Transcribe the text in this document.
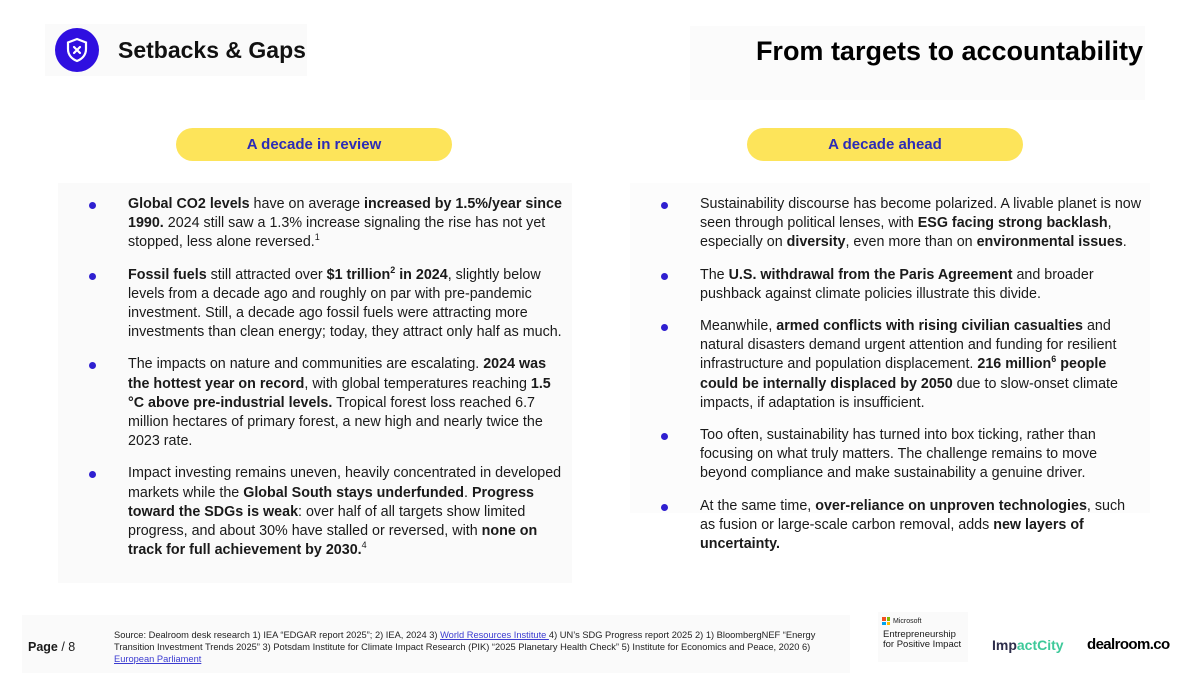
Setbacks & Gaps	From targets to accountability
A decade in review	A decade ahead
Global CO2 levels have on average increased by 1.5%/year since 1990. 2024 still saw a 1.3% increase signaling the rise has not yet stopped, less alone reversed.$^1$
Fossil fuels still attracted over $1 trillion$^2$ in 2024, slightly below levels from a decade ago and roughly on par with pre-pandemic investment. Still, a decade ago fossil fuels were attracting more investments than clean energy; today, they attract only half as much.
The impacts on nature and communities are escalating. 2024 was the hottest year on record, with global temperatures reaching 1.5 °C above pre-industrial levels. Tropical forest loss reached 6.7 million hectares of primary forest, a new high and nearly twice the 2023 rate.
Impact investing remains uneven, heavily concentrated in developed markets while the Global South stays underfunded. Progress toward the SDGs is weak: over half of all targets show limited progress, and about 30% have stalled or reversed, with none on track for full achievement by 2030.$^4$
Sustainability discourse has become polarized. A livable planet is now seen through political lenses, with ESG facing strong backlash, especially on diversity, even more than on environmental issues.
The U.S. withdrawal from the Paris Agreement and broader pushback against climate policies illustrate this divide.
Meanwhile, armed conflicts with rising civilian casualties and natural disasters demand urgent attention and funding for resilient infrastructure and population displacement. 216 million$^6$ people could be internally displaced by 2050 due to slow-onset climate impacts, if adaptation is insufficient.
Too often, sustainability has turned into box ticking, rather than focusing on what truly matters. The challenge remains to move beyond compliance and make sustainability a genuine driver.
At the same time, over-reliance on unproven technologies, such as fusion or large-scale carbon removal, adds new layers of uncertainty.
Page / 8
Source: Dealroom desk research 1) IEA “EDGAR report 2025”; 2) IEA, 2024 3) World Resources Institute 4) UN’s SDG Progress report 2025 2) 1) BloombergNEF “Energy Transition Investment Trends 2025” 3) Potsdam Institute for Climate Impact Research (PIK) “2025 Planetary Health Check” 5) Institute for Economics and Peace, 2020 6) European Parliament
Microsoft
Entrepreneurship for Positive Impact	ImpactCity dealroom.co
